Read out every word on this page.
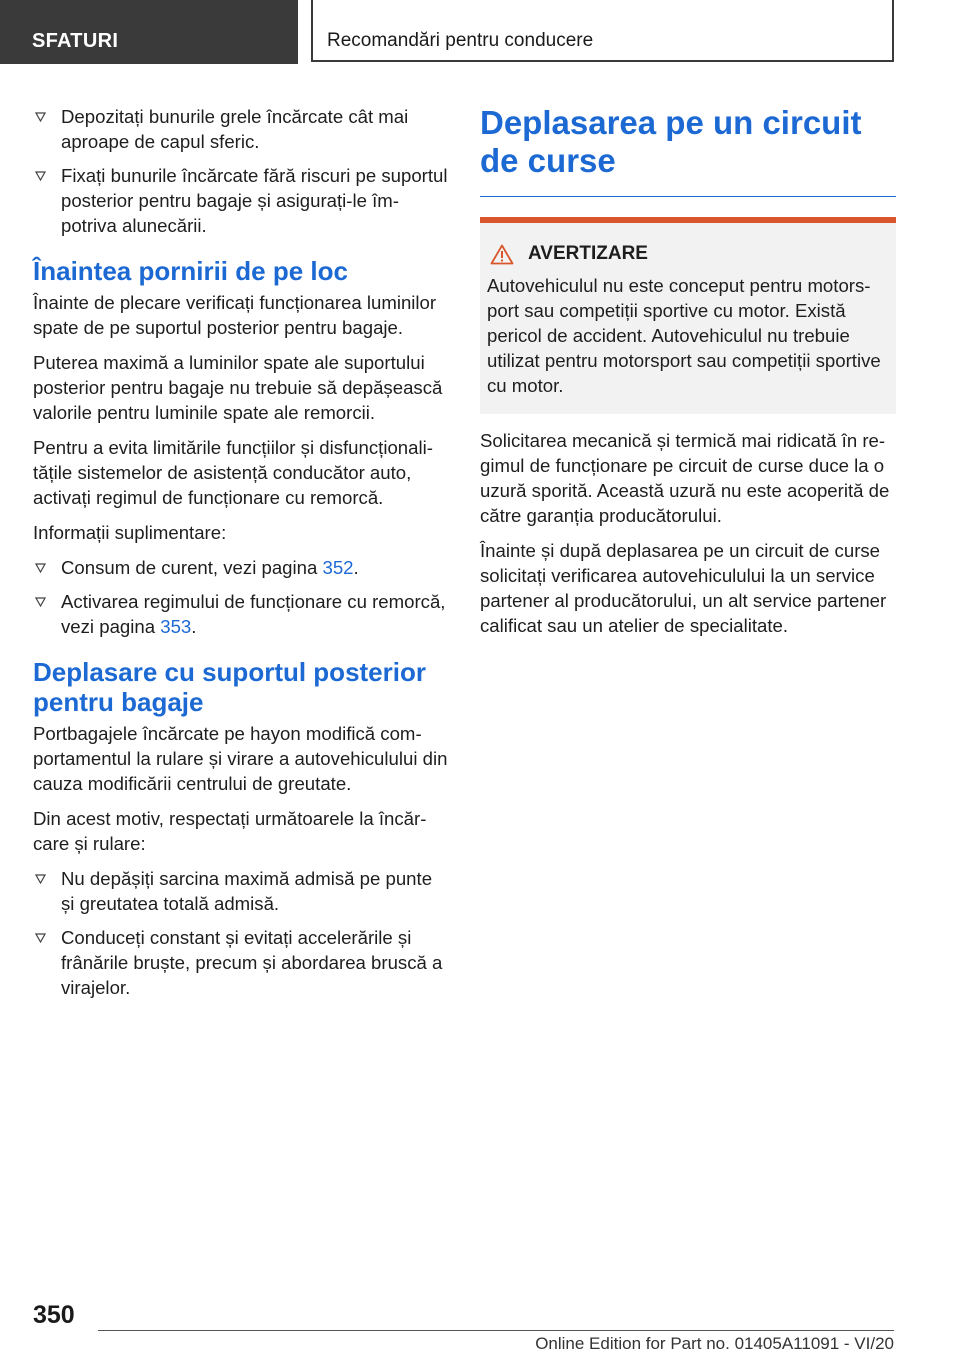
SFATURI	Recomandări pentru conducere
Depozitați bunurile grele încărcate cât mai aproape de capul sferic.
Fixați bunurile încărcate fără riscuri pe suportul posterior pentru bagaje și asigurați-le împotriva alunecării.
Înaintea pornirii de pe loc

Înainte de plecare verificați funcționarea luminilor spate de pe suportul posterior pentru bagaje.

Puterea maximă a luminilor spate ale suportului posterior pentru bagaje nu trebuie să depășească valorile pentru luminile spate ale remorcii.

Pentru a evita limitările funcțiilor și disfuncționalitățile sistemelor de asistență conducător auto, activați regimul de funcționare cu remorcă.

Informații suplimentare:

Consum de curent, vezi pagina 352.
Activarea regimului de funcționare cu remorcă, vezi pagina 353.
Deplasare cu suportul posterior pentru bagaje

Portbagajele încărcate pe hayon modifică comportamentul la rulare și virare a autovehiculului din cauza modificării centrului de greutate.

Din acest motiv, respectați următoarele la încărcare și rulare:

Nu depășiți sarcina maximă admisă pe punte și greutatea totală admisă.
Conduceți constant și evitați accelerările și frânările bruște, precum și abordarea bruscă a virajelor.
Deplasarea pe un circuit de curse
AVERTIZARE

Autovehiculul nu este conceput pentru motorsport sau competiții sportive cu motor. Există pericol de accident. Autovehiculul nu trebuie utilizat pentru motorsport sau competiții sportive cu motor.

Solicitarea mecanică și termică mai ridicată în regimul de funcționare pe circuit de curse duce la o uzură sporită. Această uzură nu este acoperită de către garanția producătorului.

Înainte și după deplasarea pe un circuit de curse solicitați verificarea autovehiculului la un service partener al producătorului, un alt service partener calificat sau un atelier de specialitate.

350
Online Edition for Part no. 01405A11091 - VI/20
